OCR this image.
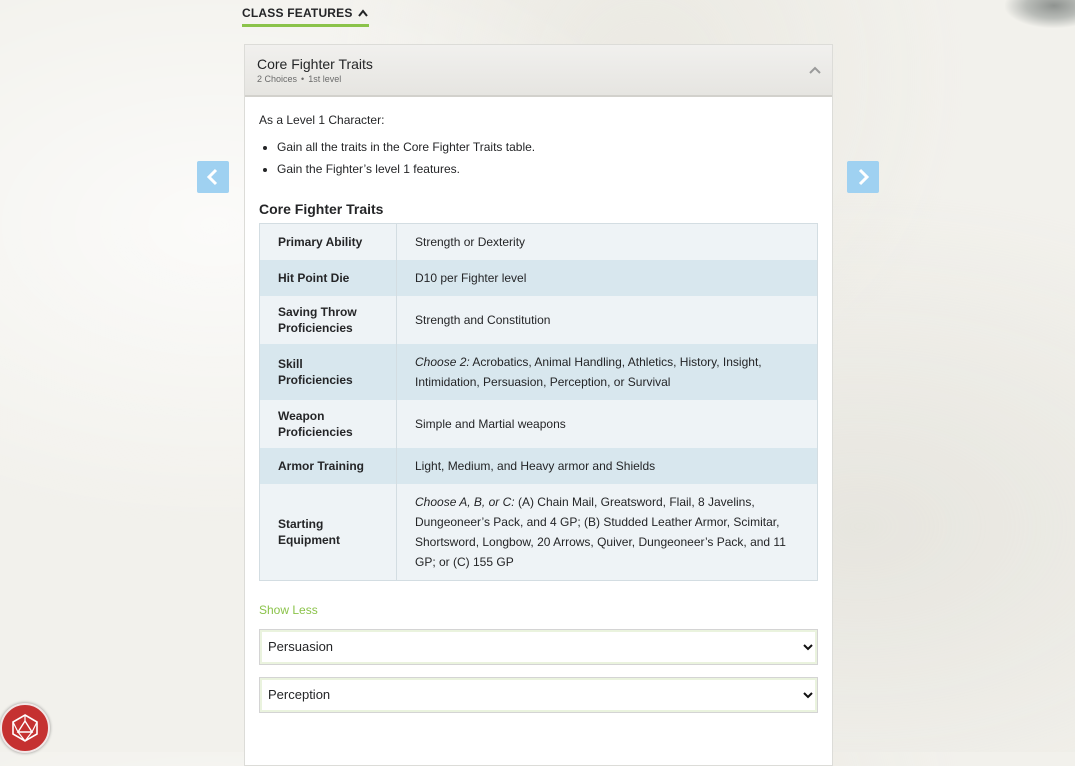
CLASS FEATURES
Core Fighter Traits
2 Choices • 1st level

As a Level 1 Character:

• Gain all the traits in the Core Fighter Traits table.
• Gain the Fighter’s level 1 features.
Core Fighter Traits
Primary Ability	Strength or Dexterity
Hit Point Die	D10 per Fighter level
Saving Throw Proficiencies	Strength and Constitution
Skill Proficiencies	Choose 2: Acrobatics, Animal Handling, Athletics, History, Insight, Intimidation, Persuasion, Perception, or Survival
Weapon Proficiencies	Simple and Martial weapons
Armor Training	Light, Medium, and Heavy armor and Shields
Starting Equipment	Choose A, B, or C: (A) Chain Mail, Greatsword, Flail, 8 Javelins, Dungeoneer’s Pack, and 4 GP; (B) Studded Leather Armor, Scimitar, Shortsword, Longbow, 20 Arrows, Quiver, Dungeoneer’s Pack, and 11 GP; or (C) 155 GP
Show Less
Persuasion
Perception
